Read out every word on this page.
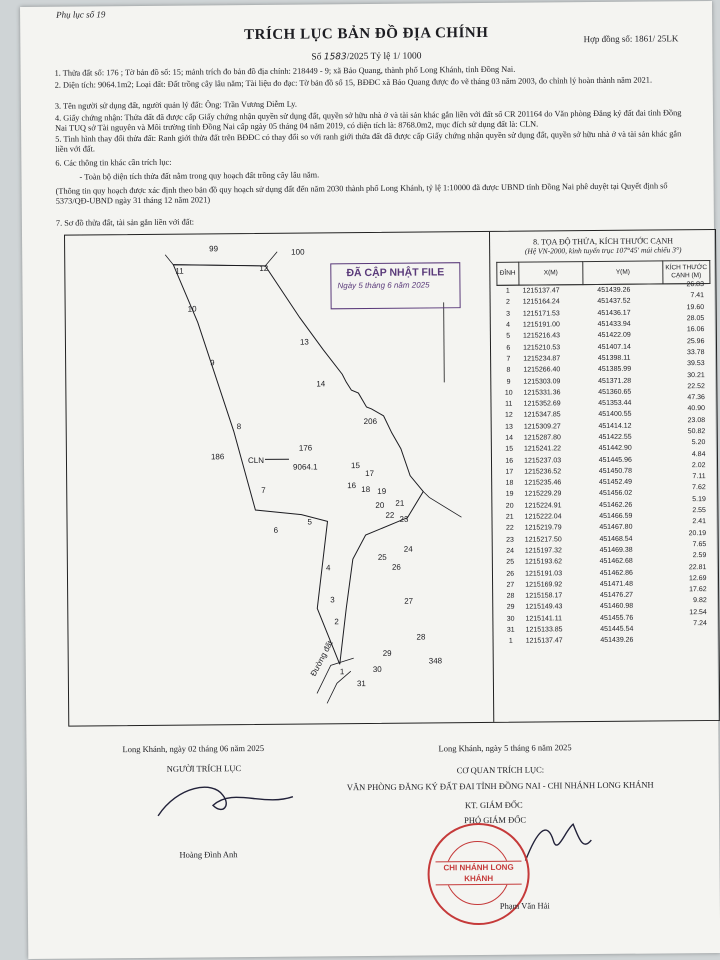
Phụ lục số 19
TRÍCH LỤC BẢN ĐỒ ĐỊA CHÍNH	Hợp đồng số: 1861/ 25LK
Số 1583/2025 Tỷ lệ 1/ 1000

1. Thửa đất số: 176 ; Tờ bản đồ số: 15; mảnh trích đo bản đồ địa chính: 218449 - 9; xã Bảo Quang, thành phố Long Khánh, tỉnh Đồng Nai.

2. Diện tích: 9064.1m2; Loại đất: Đất trồng cây lâu năm; Tài liệu đo đạc: Tờ bản đồ số 15, BĐĐC xã Bảo Quang được đo vẽ tháng 03 năm 2003, đo chỉnh lý hoàn thành năm 2021.

3. Tên người sử dụng đất, người quản lý đất: Ông: Trần Vương Diễm Ly.

4. Giấy chứng nhận: Thửa đất đã được cấp Giấy chứng nhận quyền sử dụng đất, quyền sở hữu nhà ở và tài sản khác gắn liền với đất số CR 201164 do Văn phòng Đăng ký đất đai tỉnh Đồng Nai TUQ sở Tài nguyên và Môi trường tỉnh Đồng Nai cấp ngày 05 tháng 04 năm 2019, có diện tích là: 8768.0m2, mục đích sử dụng đất là: CLN.

5. Tình hình thay đổi thửa đất: Ranh giới thửa đất trên BĐĐC có thay đổi so với ranh giới thửa đất đã được cấp Giấy chứng nhận quyền sử dụng đất, quyền sở hữu nhà ở và tài sản khác gắn liền với đất.

6. Các thông tin khác cần trích lục:

- Toàn bộ diện tích thửa đất nằm trong quy hoạch đất trồng cây lâu năm.

(Thông tin quy hoạch được xác định theo bản đồ quy hoạch sử dụng đất đến năm 2030 thành phố Long Khánh, tỷ lệ 1:10000 đã được UBND tỉnh Đồng Nai phê duyệt tại Quyết định số 5373/QĐ-UBND ngày 31 tháng 12 năm 2021)

7. Sơ đồ thửa đất, tài sản gắn liền với đất:

99	100
186
206
348
CLN
176
9064.1
Đường đất 1
2
3
4
5
6
7
8
9
10
11	12
13
14
15
16
17
18 19
20 21
22 23
24
25
26
27
28
29
30
31
ĐÃ CẬP NHẬT FILE
Ngày 5 tháng 6 năm 2025
8. TỌA ĐỘ THỬA, KÍCH THƯỚC CẠNH
(Hệ VN-2000, kinh tuyến trục 107°45' múi chiếu 3°)
ĐỈNH	X(M)	Y(M)	KÍCH THƯỚC CẠNH (M)
1	1215137.47	451439.26	26.83
2	1215164.24	451437.52	7.41
3	1215171.53	451436.17	19.60
4	1215191.00	451433.94	28.05
5	1215216.43	451422.09	16.06
6	1215210.53	451407.14	25.96
7	1215234.87	451398.11	33.78
8	1215266.40	451385.99	39.53
9	1215303.09	451371.28	30.21
10	1215331.36	451360.65	22.52
11	1215352.69	451353.44	47.36
12	1215347.85	451400.55	40.90
13	1215309.27	451414.12	23.08
14	1215287.80	451422.55	50.82
15	1215241.22	451442.90	5.20
16	1215237.03	451445.96	4.84
17	1215236.52	451450.78	2.02
18	1215235.46	451452.49	7.11
19	1215229.29	451456.02	7.62
20	1215224.91	451462.26	5.19
21	1215222.04	451466.59	2.55
22	1215219.79	451467.80	2.41
23	1215217.50	451468.54	20.19
24	1215197.32	451469.38	7.65
25	1215193.62	451462.68	2.59
26	1215191.03	451462.86	22.81
27	1215169.92	451471.48	12.69
28	1215158.17	451476.27	17.62
29	1215149.43	451460.98	9.82
30	1215141.11	451455.76	12.54
31	1215133.85	451445.54	7.24
1	1215137.47	451439.26	
Long Khánh, ngày 02 tháng 06 năm 2025
NGƯỜI TRÍCH LỤC
Hoàng Đình Anh
Long Khánh, ngày 5 tháng 6 năm 2025
CƠ QUAN TRÍCH LỤC:
VĂN PHÒNG ĐĂNG KÝ ĐẤT ĐAI TỈNH ĐỒNG NAI - CHI NHÁNH LONG KHÁNH
KT. GIÁM ĐỐC
PHÓ GIÁM ĐỐC
CHI NHÁNH LONG KHÁNH
Phạm Văn Hải
